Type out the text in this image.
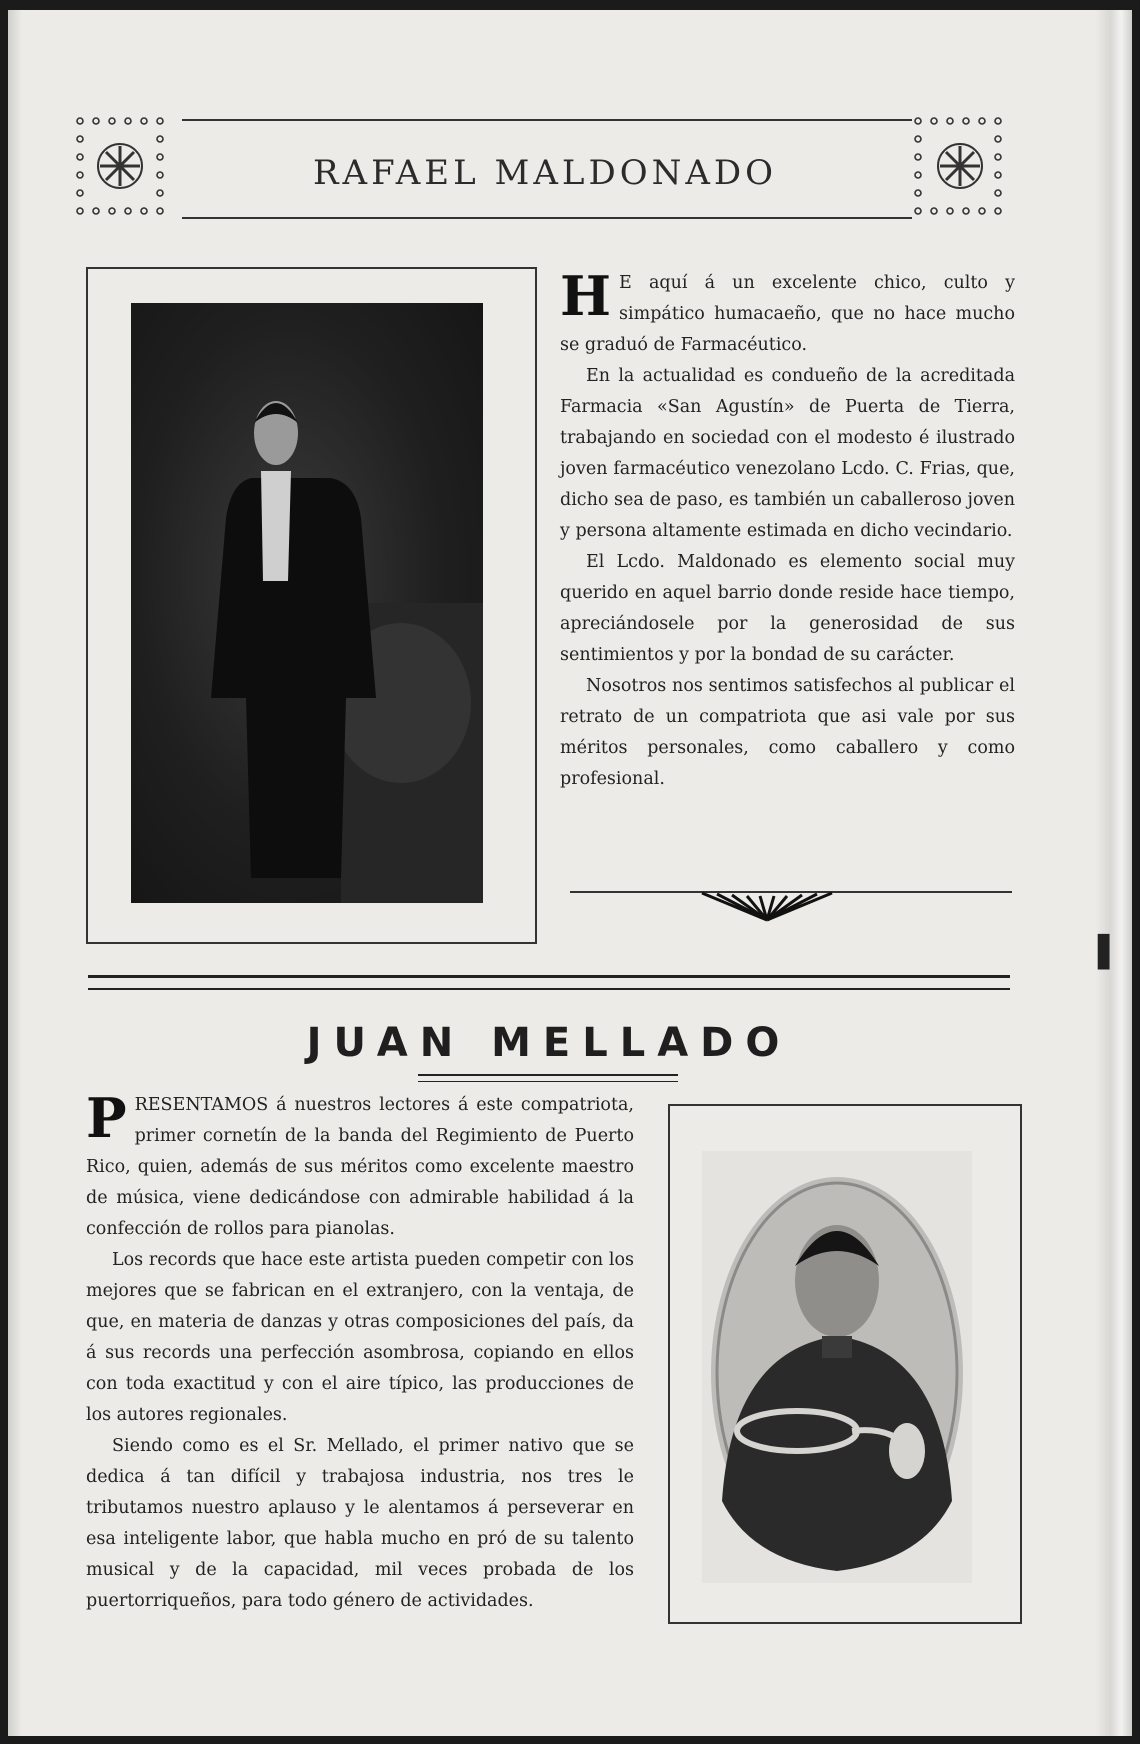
RAFAEL MALDONADO

H E aquí á un excelente chico, culto y simpático humacaeño, que no hace mucho se graduó de Farmacéutico.

En la actualidad es condueño de la acreditada Farmacia «San Agustín» de Puerta de Tierra, trabajando en sociedad con el modesto é ilustrado joven farmacéutico venezolano Lcdo. C. Frias, que, dicho sea de paso, es también un caballeroso joven y persona altamente estimada en dicho vecindario.

El Lcdo. Maldonado es elemento social muy querido en aquel barrio donde reside hace tiempo, apreciándosele por la generosidad de sus sentimientos y por la bondad de su carácter.

Nosotros nos sentimos satisfechos al publicar el retrato de un compatriota que asi vale por sus méritos personales, como caballero y como profesional.

JUAN MELLADO

PRESENTAMOS á nuestros lectores á este compatriota, primer cornetín de la banda del Regimiento de Puerto Rico, quien, además de sus méritos como excelente maestro de música, viene dedicándose con admirable habilidad á la confección de rollos para pianolas.

Los records que hace este artista pueden competir con los mejores que se fabrican en el extranjero, con la ventaja, de que, en materia de danzas y otras composiciones del país, da á sus records una perfección asombrosa, copiando en ellos con toda exactitud y con el aire típico, las producciones de los autores regionales.

Siendo como es el Sr. Mellado, el primer nativo que se dedica á tan difícil y trabajosa industria, nos tres le tributamos nuestro aplauso y le alentamos á perseverar en esa inteligente labor, que habla mucho en pró de su talento musical y de la capacidad, mil veces probada de los puertorriqueños, para todo género de actividades.

▌
